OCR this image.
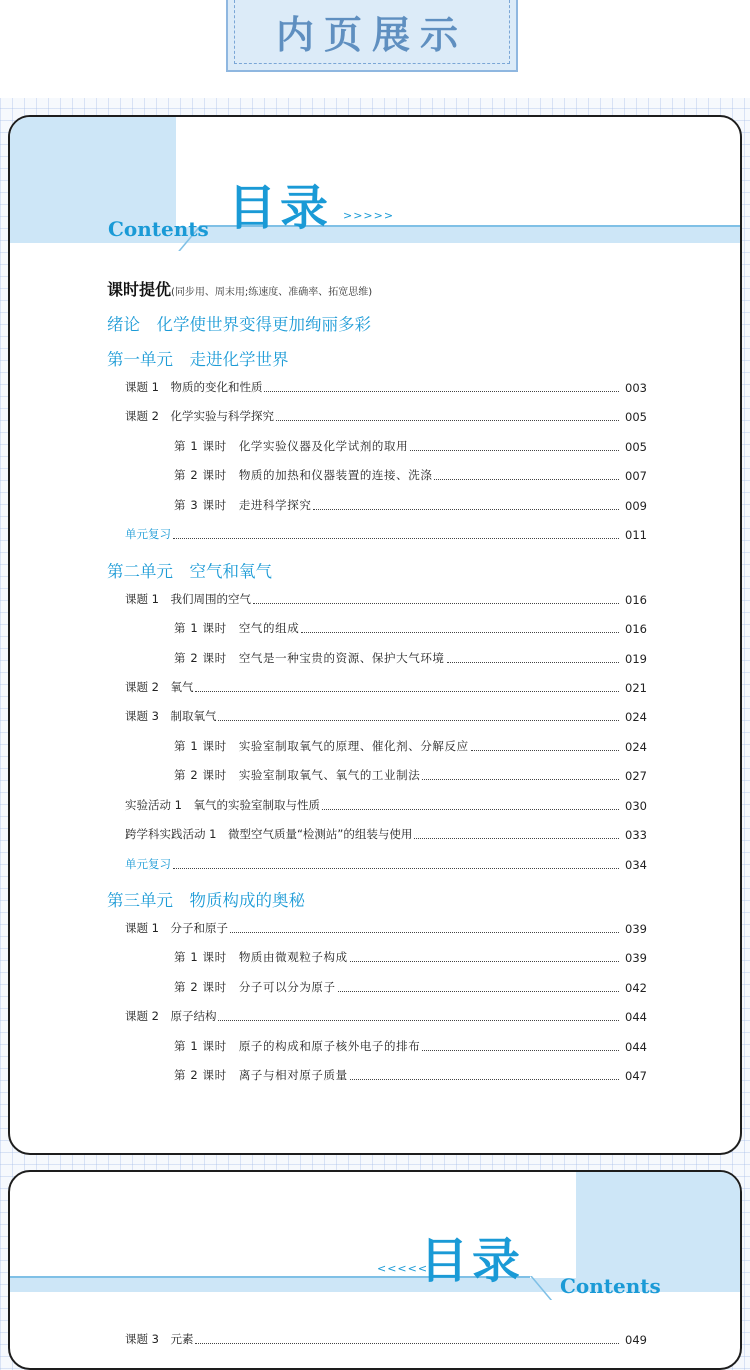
内页展示
Contents 目录 >>>>>
课时提优(同步用、周末用;练速度、准确率、拓宽思维)
绪论　化学使世界变得更加绚丽多彩
第一单元　走进化学世界
课题 1　物质的变化和性质	003
课题 2　化学实验与科学探究	005
第 1 课时　化学实验仪器及化学试剂的取用	005
第 2 课时　物质的加热和仪器装置的连接、洗涤	007
第 3 课时　走进科学探究	009
单元复习	011
第二单元　空气和氧气
课题 1　我们周围的空气	016
第 1 课时　空气的组成	016
第 2 课时　空气是一种宝贵的资源、保护大气环境	019
课题 2　氧气	021
课题 3　制取氧气	024
第 1 课时　实验室制取氧气的原理、催化剂、分解反应	024
第 2 课时　实验室制取氧气、氧气的工业制法	027
实验活动 1　氧气的实验室制取与性质	030
跨学科实践活动 1　微型空气质量“检测站”的组装与使用	033
单元复习	034
第三单元　物质构成的奥秘
课题 1　分子和原子	039
第 1 课时　物质由微观粒子构成	039
第 2 课时　分子可以分为原子	042
课题 2　原子结构	044
第 1 课时　原子的构成和原子核外电子的排布	044
第 2 课时　离子与相对原子质量	047
<<<<<
目录 Contents
课题 3　元素	049
